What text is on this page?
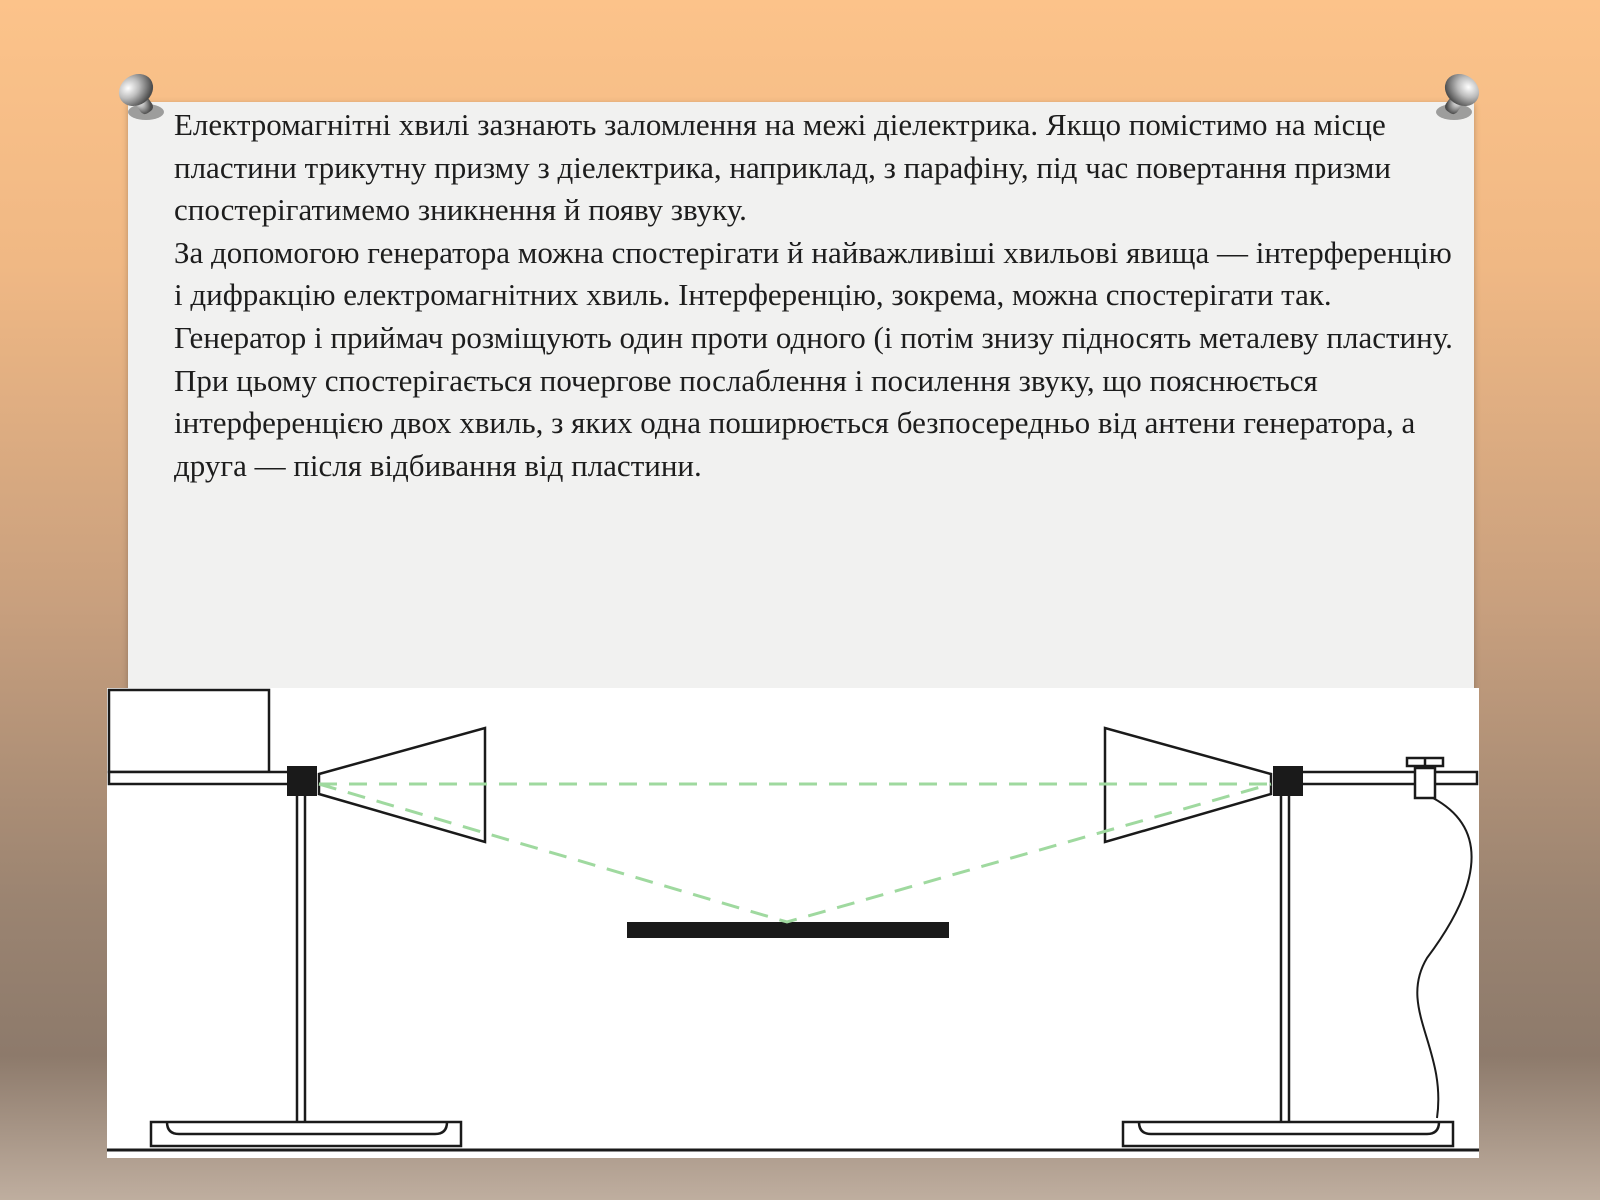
Електромагнітні хвилі зазнають заломлення на межі діелектрика. Якщо помістимо на місце пластини трикутну призму з діелектрика, наприклад, з парафіну, під час повертання призми спостерігатимемо зникнення й появу звуку.

За допомогою генератора можна спостерігати й найважливіші хвильові явища — інтерференцію і дифракцію електромагнітних хвиль. Інтерференцію, зокрема, можна спостерігати так.

Генератор і приймач розміщують один проти одного (і потім знизу підносять металеву пластину.

При цьому спостерігається почергове послаблення і посилення звуку, що пояснюється інтерференцією двох хвиль, з яких одна поширюється безпосередньо від антени генератора, а друга — після відбивання від пластини.
